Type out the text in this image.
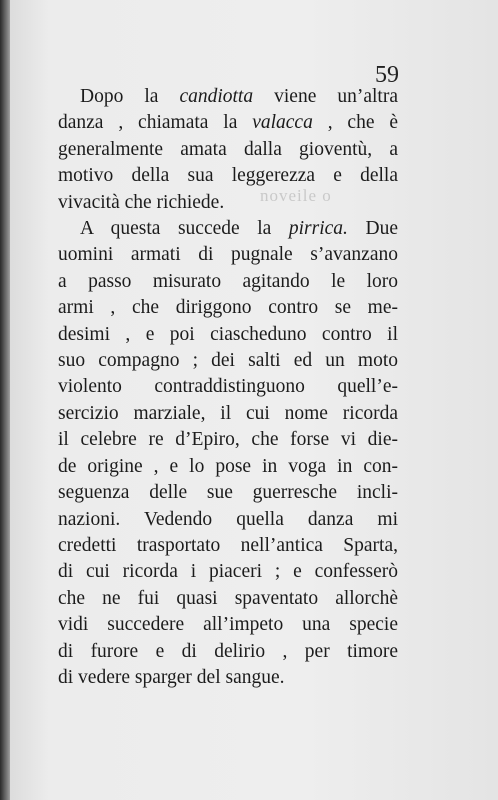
noveile o
59
Dopo la candiotta viene un’altra
danza , chiamata la valacca , che è
generalmente amata dalla gioventù, a
motivo della sua leggerezza e della
vivacità che richiede.
A questa succede la pirrica. Due
uomini armati di pugnale s’avanzano
a passo misurato agitando le loro
armi , che diriggono contro se me-
desimi , e poi ciascheduno contro il
suo compagno ; dei salti ed un moto
violento contraddistinguono quell’e-
sercizio marziale, il cui nome ricorda
il celebre re d’Epiro, che forse vi die-
de origine , e lo pose in voga in con-
seguenza delle sue guerresche incli-
nazioni. Vedendo quella danza mi
credetti trasportato nell’antica Sparta,
di cui ricorda i piaceri ; e confesserò
che ne fui quasi spaventato allorchè
vidi succedere all’impeto una specie
di furore e di delirio , per timore
di vedere sparger del sangue.
